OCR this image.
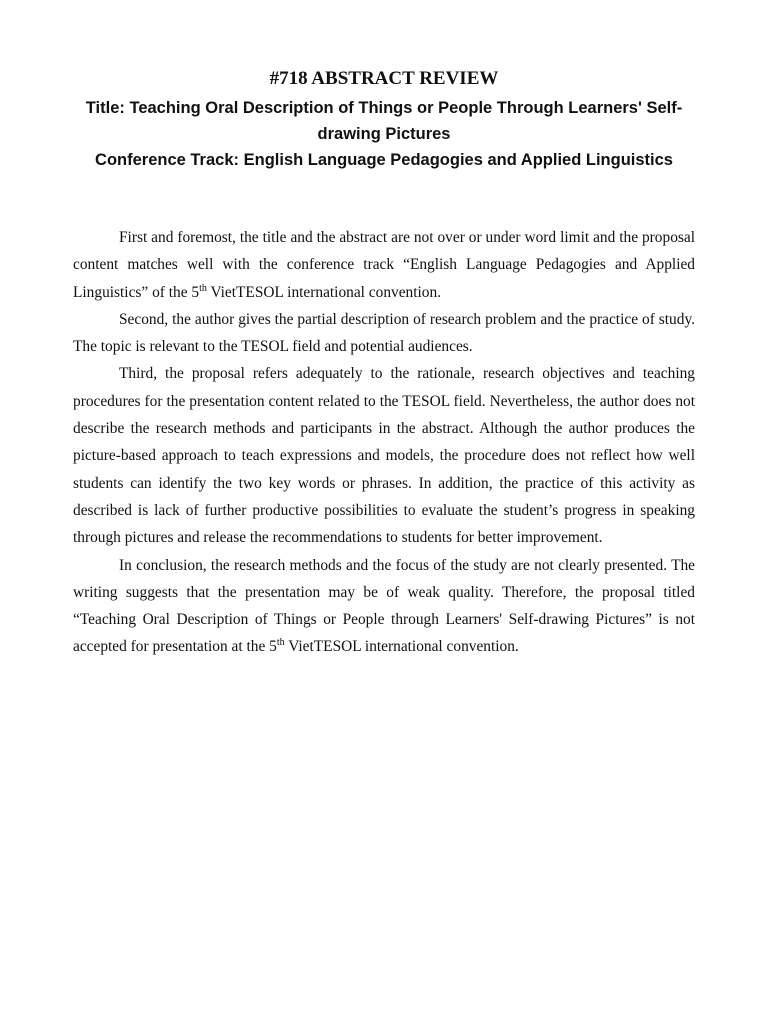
#718 ABSTRACT REVIEW

Title: Teaching Oral Description of Things or People Through Learners' Self-drawing Pictures

Conference Track: English Language Pedagogies and Applied Linguistics

First and foremost, the title and the abstract are not over or under word limit and the proposal content matches well with the conference track “English Language Pedagogies and Applied Linguistics” of the 5th VietTESOL international convention.

Second, the author gives the partial description of research problem and the practice of study. The topic is relevant to the TESOL field and potential audiences.

Third, the proposal refers adequately to the rationale, research objectives and teaching procedures for the presentation content related to the TESOL field. Nevertheless, the author does not describe the research methods and participants in the abstract. Although the author produces the picture-based approach to teach expressions and models, the procedure does not reflect how well students can identify the two key words or phrases. In addition, the practice of this activity as described is lack of further productive possibilities to evaluate the student’s progress in speaking through pictures and release the recommendations to students for better improvement.

In conclusion, the research methods and the focus of the study are not clearly presented. The writing suggests that the presentation may be of weak quality. Therefore, the proposal titled “Teaching Oral Description of Things or People through Learners' Self-drawing Pictures” is not accepted for presentation at the 5th VietTESOL international convention.
